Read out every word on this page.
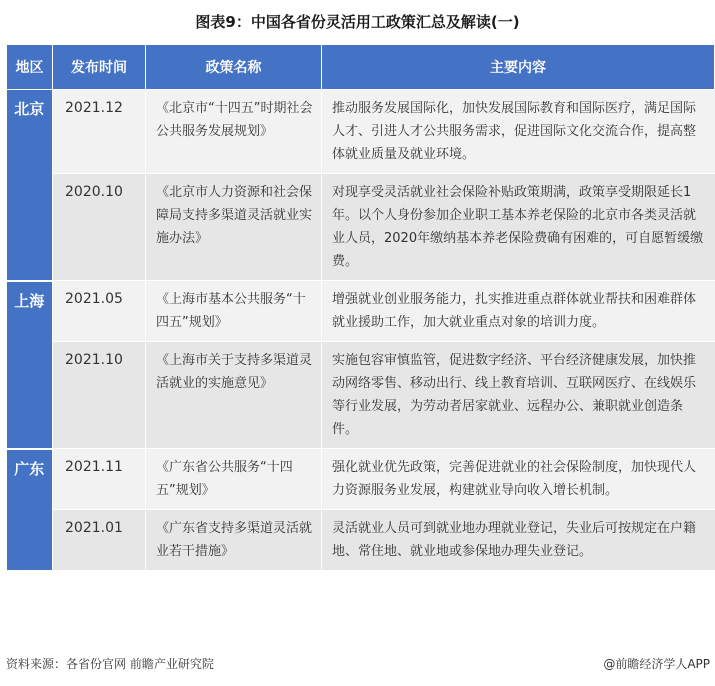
图表9：中国各省份灵活用工政策汇总及解读(一)
地区	发布时间	政策名称	主要内容
北京	2021.12	《北京市“十四五”时期社会公共服务发展规划》	推动服务发展国际化，加快发展国际教育和国际医疗，满足国际人才、引进人才公共服务需求，促进国际文化交流合作，提高整体就业质量及就业环境。
	2020.10	《北京市人力资源和社会保障局支持多渠道灵活就业实施办法》	对现享受灵活就业社会保险补贴政策期满，政策享受期限延长1年。以个人身份参加企业职工基本养老保险的北京市各类灵活就业人员，2020年缴纳基本养老保险费确有困难的，可自愿暂缓缴费。
上海	2021.05	《上海市基本公共服务“十四五”规划》	增强就业创业服务能力，扎实推进重点群体就业帮扶和困难群体就业援助工作，加大就业重点对象的培训力度。
	2021.10	《上海市关于支持多渠道灵活就业的实施意见》	实施包容审慎监管，促进数字经济、平台经济健康发展，加快推动网络零售、移动出行、线上教育培训、互联网医疗、在线娱乐等行业发展，为劳动者居家就业、远程办公、兼职就业创造条件。
广东	2021.11	《广东省公共服务“十四五”规划》	强化就业优先政策，完善促进就业的社会保险制度，加快现代人力资源服务业发展，构建就业导向收入增长机制。
	2021.01	《广东省支持多渠道灵活就业若干措施》	灵活就业人员可到就业地办理就业登记，失业后可按规定在户籍地、常住地、就业地或参保地办理失业登记。
资料来源：各省份官网 前瞻产业研究院	@前瞻经济学人APP
